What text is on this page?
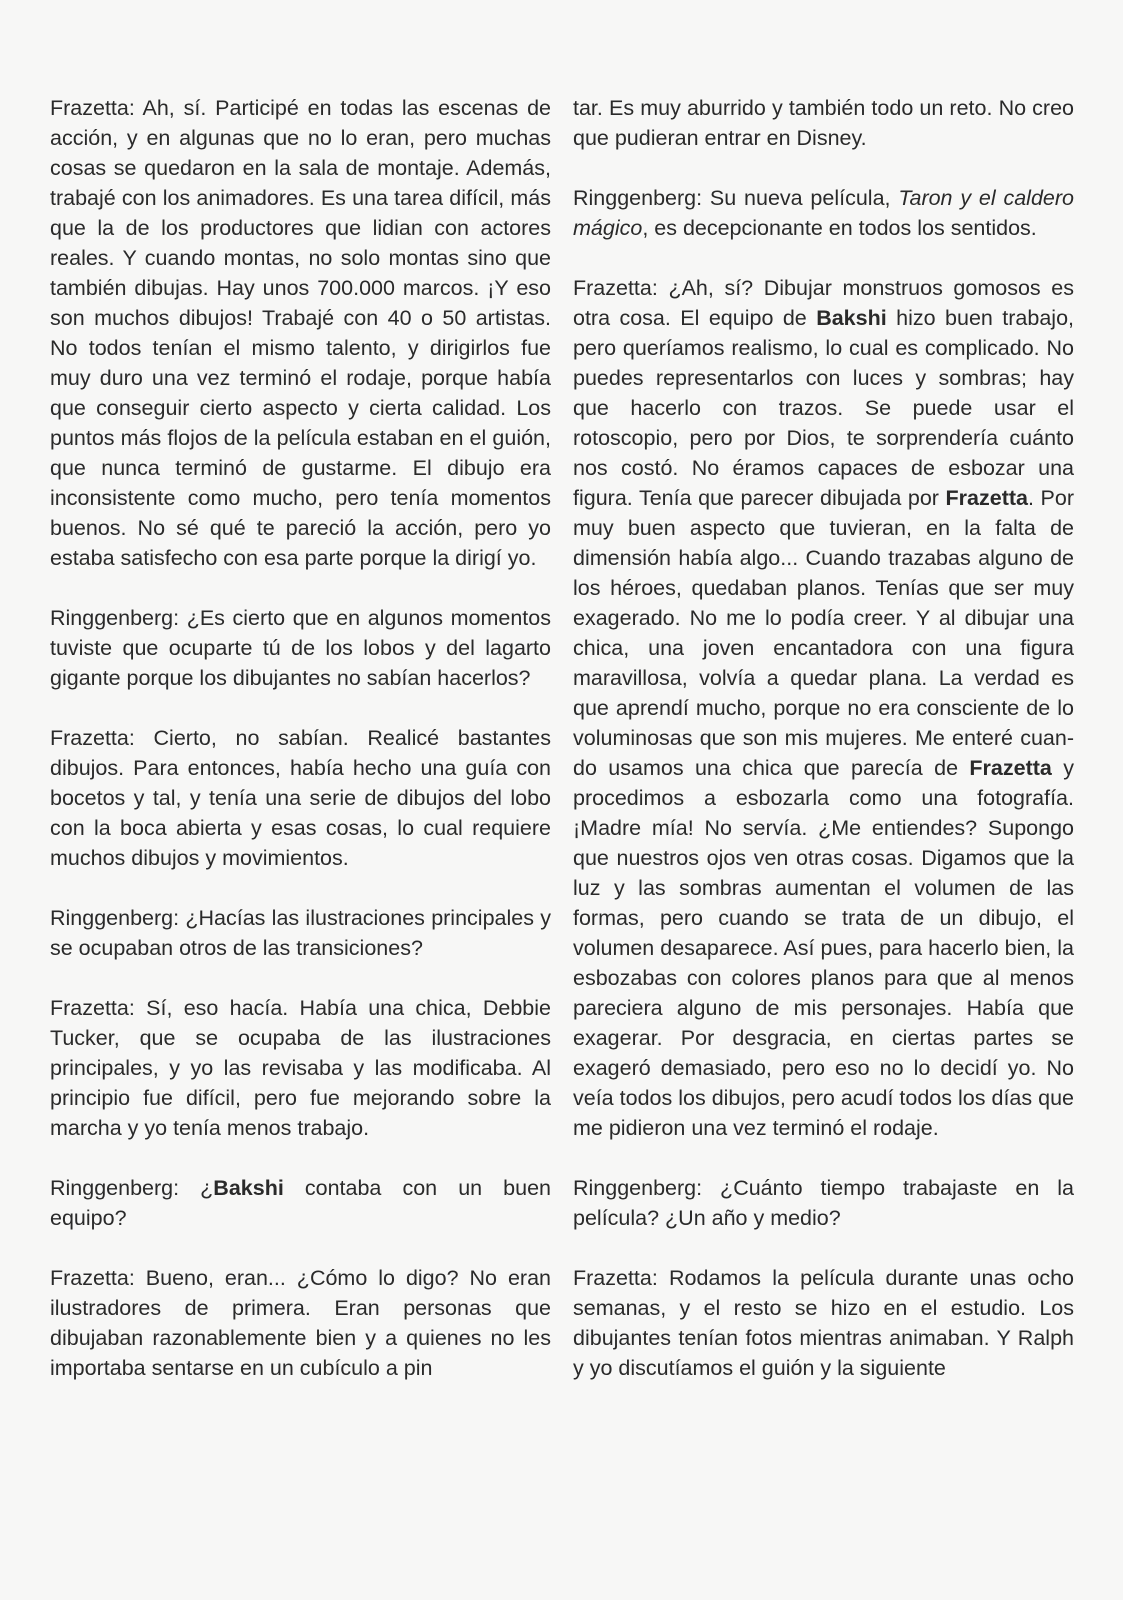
Frazetta: Ah, sí. Participé en todas las escenas de acción, y en algunas que no lo eran, pero muchas cosas se quedaron en la sala de montaje. Además, trabajé con los animadores. Es una tarea difícil, más que la de los productores que lidian con actores reales. Y cuando montas, no solo montas sino que también dibujas. Hay unos 700.000 marcos. ¡Y eso son muchos dibujos! Trabajé con 40 o 50 artistas. No todos tenían el mismo talento, y dirigirlos fue muy duro una vez terminó el rodaje, porque había que conseguir cierto aspecto y cierta calidad. Los puntos más flojos de la película estaban en el guión, que nunca terminó de gustarme. El dibujo era inconsistente como mucho, pero tenía momentos buenos. No sé qué te pareció la acción, pero yo estaba satisfecho con esa parte porque la dirigí yo.

Ringgenberg: ¿Es cierto que en algunos momentos tuviste que ocuparte tú de los lobos y del lagarto gigante porque los dibujantes no sabían hacerlos?

Frazetta: Cierto, no sabían. Realicé bastantes dibujos. Para entonces, había hecho una guía con bocetos y tal, y tenía una serie de dibujos del lobo con la boca abierta y esas cosas, lo cual requiere muchos dibujos y movimientos.

Ringgenberg: ¿Hacías las ilustraciones principales y se ocupaban otros de las transiciones?

Frazetta: Sí, eso hacía. Había una chica, Debbie Tucker, que se ocupaba de las ilustraciones principales, y yo las revisaba y las modificaba. Al principio fue difícil, pero fue mejorando sobre la marcha y yo tenía menos trabajo.

Ringgenberg: ¿Bakshi contaba con un buen equipo?

Frazetta: Bueno, eran... ¿Cómo lo digo? No eran ilustradores de primera. Eran personas que dibujaban razonablemente bien y a quienes no les importaba sentarse en un cubículo a pin

tar. Es muy aburrido y también todo un reto. No creo que pudieran entrar en Disney.

Ringgenberg: Su nueva película, Taron y el caldero mágico, es decepcionante en todos los sentidos.

Frazetta: ¿Ah, sí? Dibujar monstruos gomosos es otra cosa. El equipo de Bakshi hizo buen trabajo, pero queríamos realismo, lo cual es complicado. No puedes representarlos con luces y sombras; hay que hacerlo con trazos. Se puede usar el rotoscopio, pero por Dios, te sorprendería cuánto nos costó. No éramos capaces de esbozar una figura. Tenía que parecer dibujada por Frazetta. Por muy buen aspecto que tuvieran, en la falta de dimensión había algo... Cuando trazabas alguno de los héroes, quedaban planos. Tenías que ser muy exagerado. No me lo podía creer. Y al dibujar una chica, una joven encantadora con una figura maravillosa, volvía a quedar plana. La verdad es que aprendí mucho, porque no era consciente de lo voluminosas que son mis mujeres. Me enteré cuando usamos una chica que parecía de Frazetta y procedimos a esbozarla como una fotografía. ¡Madre mía! No servía. ¿Me entiendes? Supongo que nuestros ojos ven otras cosas. Digamos que la luz y las sombras aumentan el volumen de las formas, pero cuando se trata de un dibujo, el volumen desaparece. Así pues, para hacerlo bien, la esbozabas con colores planos para que al menos pareciera alguno de mis personajes. Había que exagerar. Por desgracia, en ciertas partes se exageró demasiado, pero eso no lo decidí yo. No veía todos los dibujos, pero acudí todos los días que me pidieron una vez terminó el rodaje.

Ringgenberg: ¿Cuánto tiempo trabajaste en la película? ¿Un año y medio?

Frazetta: Rodamos la película durante unas ocho semanas, y el resto se hizo en el estudio. Los dibujantes tenían fotos mientras animaban. Y Ralph y yo discutíamos el guión y la siguiente
